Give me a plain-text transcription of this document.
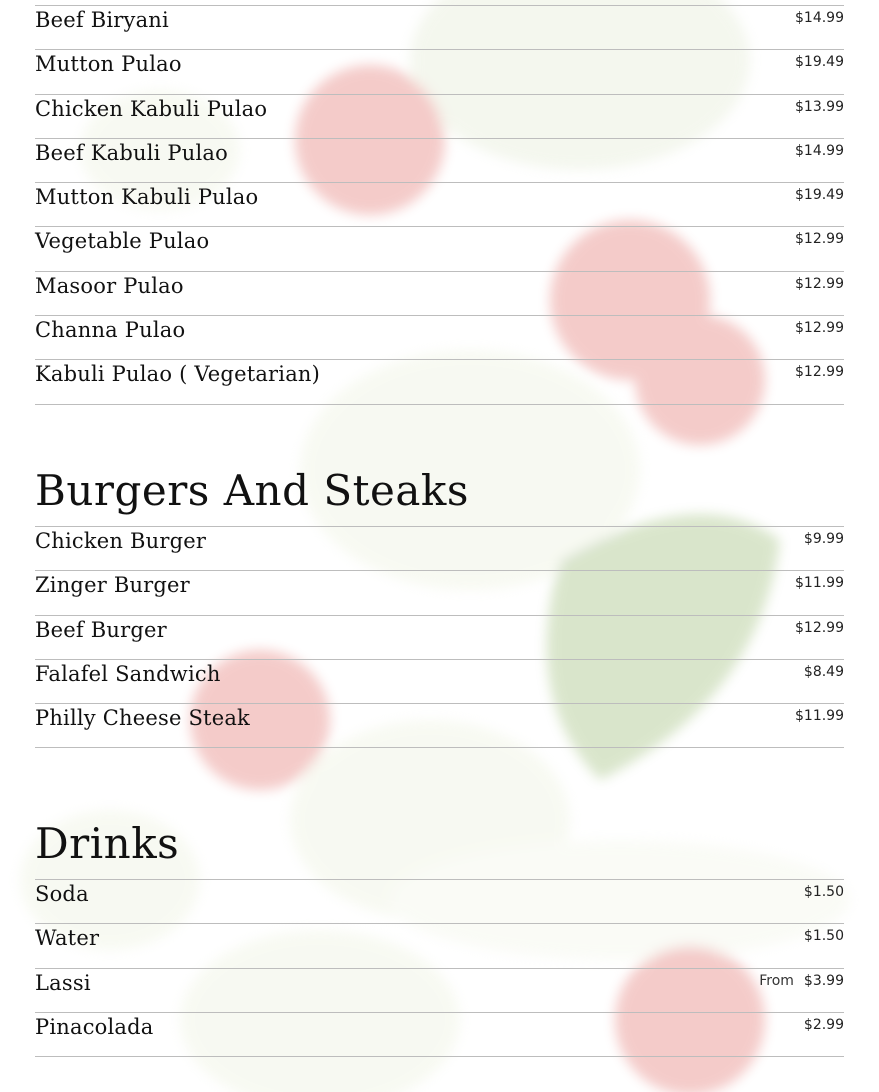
Beef Biryani	$14.99
Mutton Pulao	$19.49
Chicken Kabuli Pulao	$13.99
Beef Kabuli Pulao	$14.99
Mutton Kabuli Pulao	$19.49
Vegetable Pulao	$12.99
Masoor Pulao	$12.99
Channa Pulao	$12.99
Kabuli Pulao ( Vegetarian)	$12.99
Burgers And Steaks
Chicken Burger	$9.99
Zinger Burger	$11.99
Beef Burger	$12.99
Falafel Sandwich	$8.49
Philly Cheese Steak	$11.99
Drinks
Soda	$1.50
Water	$1.50
Lassi	From $3.99
Pinacolada	$2.99
